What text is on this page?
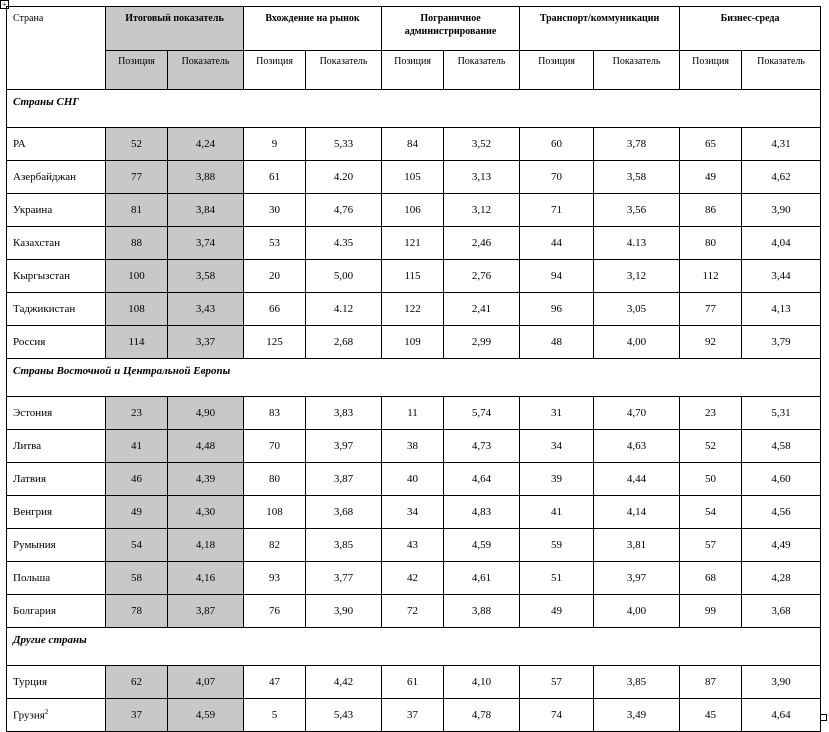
+
Страна	Итоговый показатель		Вхождение на рынок		Пограничное администрирование		Транспорт/коммуникации		Бизнес-среда	
	Позиция	Показатель	Позиция	Показатель	Позиция	Показатель	Позиция	Показатель	Позиция	Показатель
Страны СНГ										
РА	52	4,24	9	5,33	84	3,52	60	3,78	65	4,31
Азербайджан	77	3,88	61	4.20	105	3,13	70	3,58	49	4,62
Украина	81	3,84	30	4,76	106	3,12	71	3,56	86	3,90
Казахстан	88	3,74	53	4.35	121	2,46	44	4.13	80	4,04
Кыргызстан	100	3,58	20	5,00	115	2,76	94	3,12	112	3,44
Таджикистан	108	3,43	66	4.12	122	2,41	96	3,05	77	4,13
Россия	114	3,37	125	2,68	109	2,99	48	4,00	92	3,79
Страны Восточной и Центральной Европы										
Эстония	23	4,90	83	3,83	11	5,74	31	4,70	23	5,31
Литва	41	4,48	70	3,97	38	4,73	34	4,63	52	4,58
Латвия	46	4,39	80	3,87	40	4,64	39	4,44	50	4,60
Венгрия	49	4,30	108	3,68	34	4,83	41	4,14	54	4,56
Румыния	54	4,18	82	3,85	43	4,59	59	3,81	57	4,49
Польша	58	4,16	93	3,77	42	4,61	51	3,97	68	4,28
Болгария	78	3,87	76	3,90	72	3,88	49	4,00	99	3,68
Другие страны										
Турция	62	4,07	47	4,42	61	4,10	57	3,85	87	3,90
Грузия$^2$	37	4,59	5	5,43	37	4,78	74	3,49	45	4,64
